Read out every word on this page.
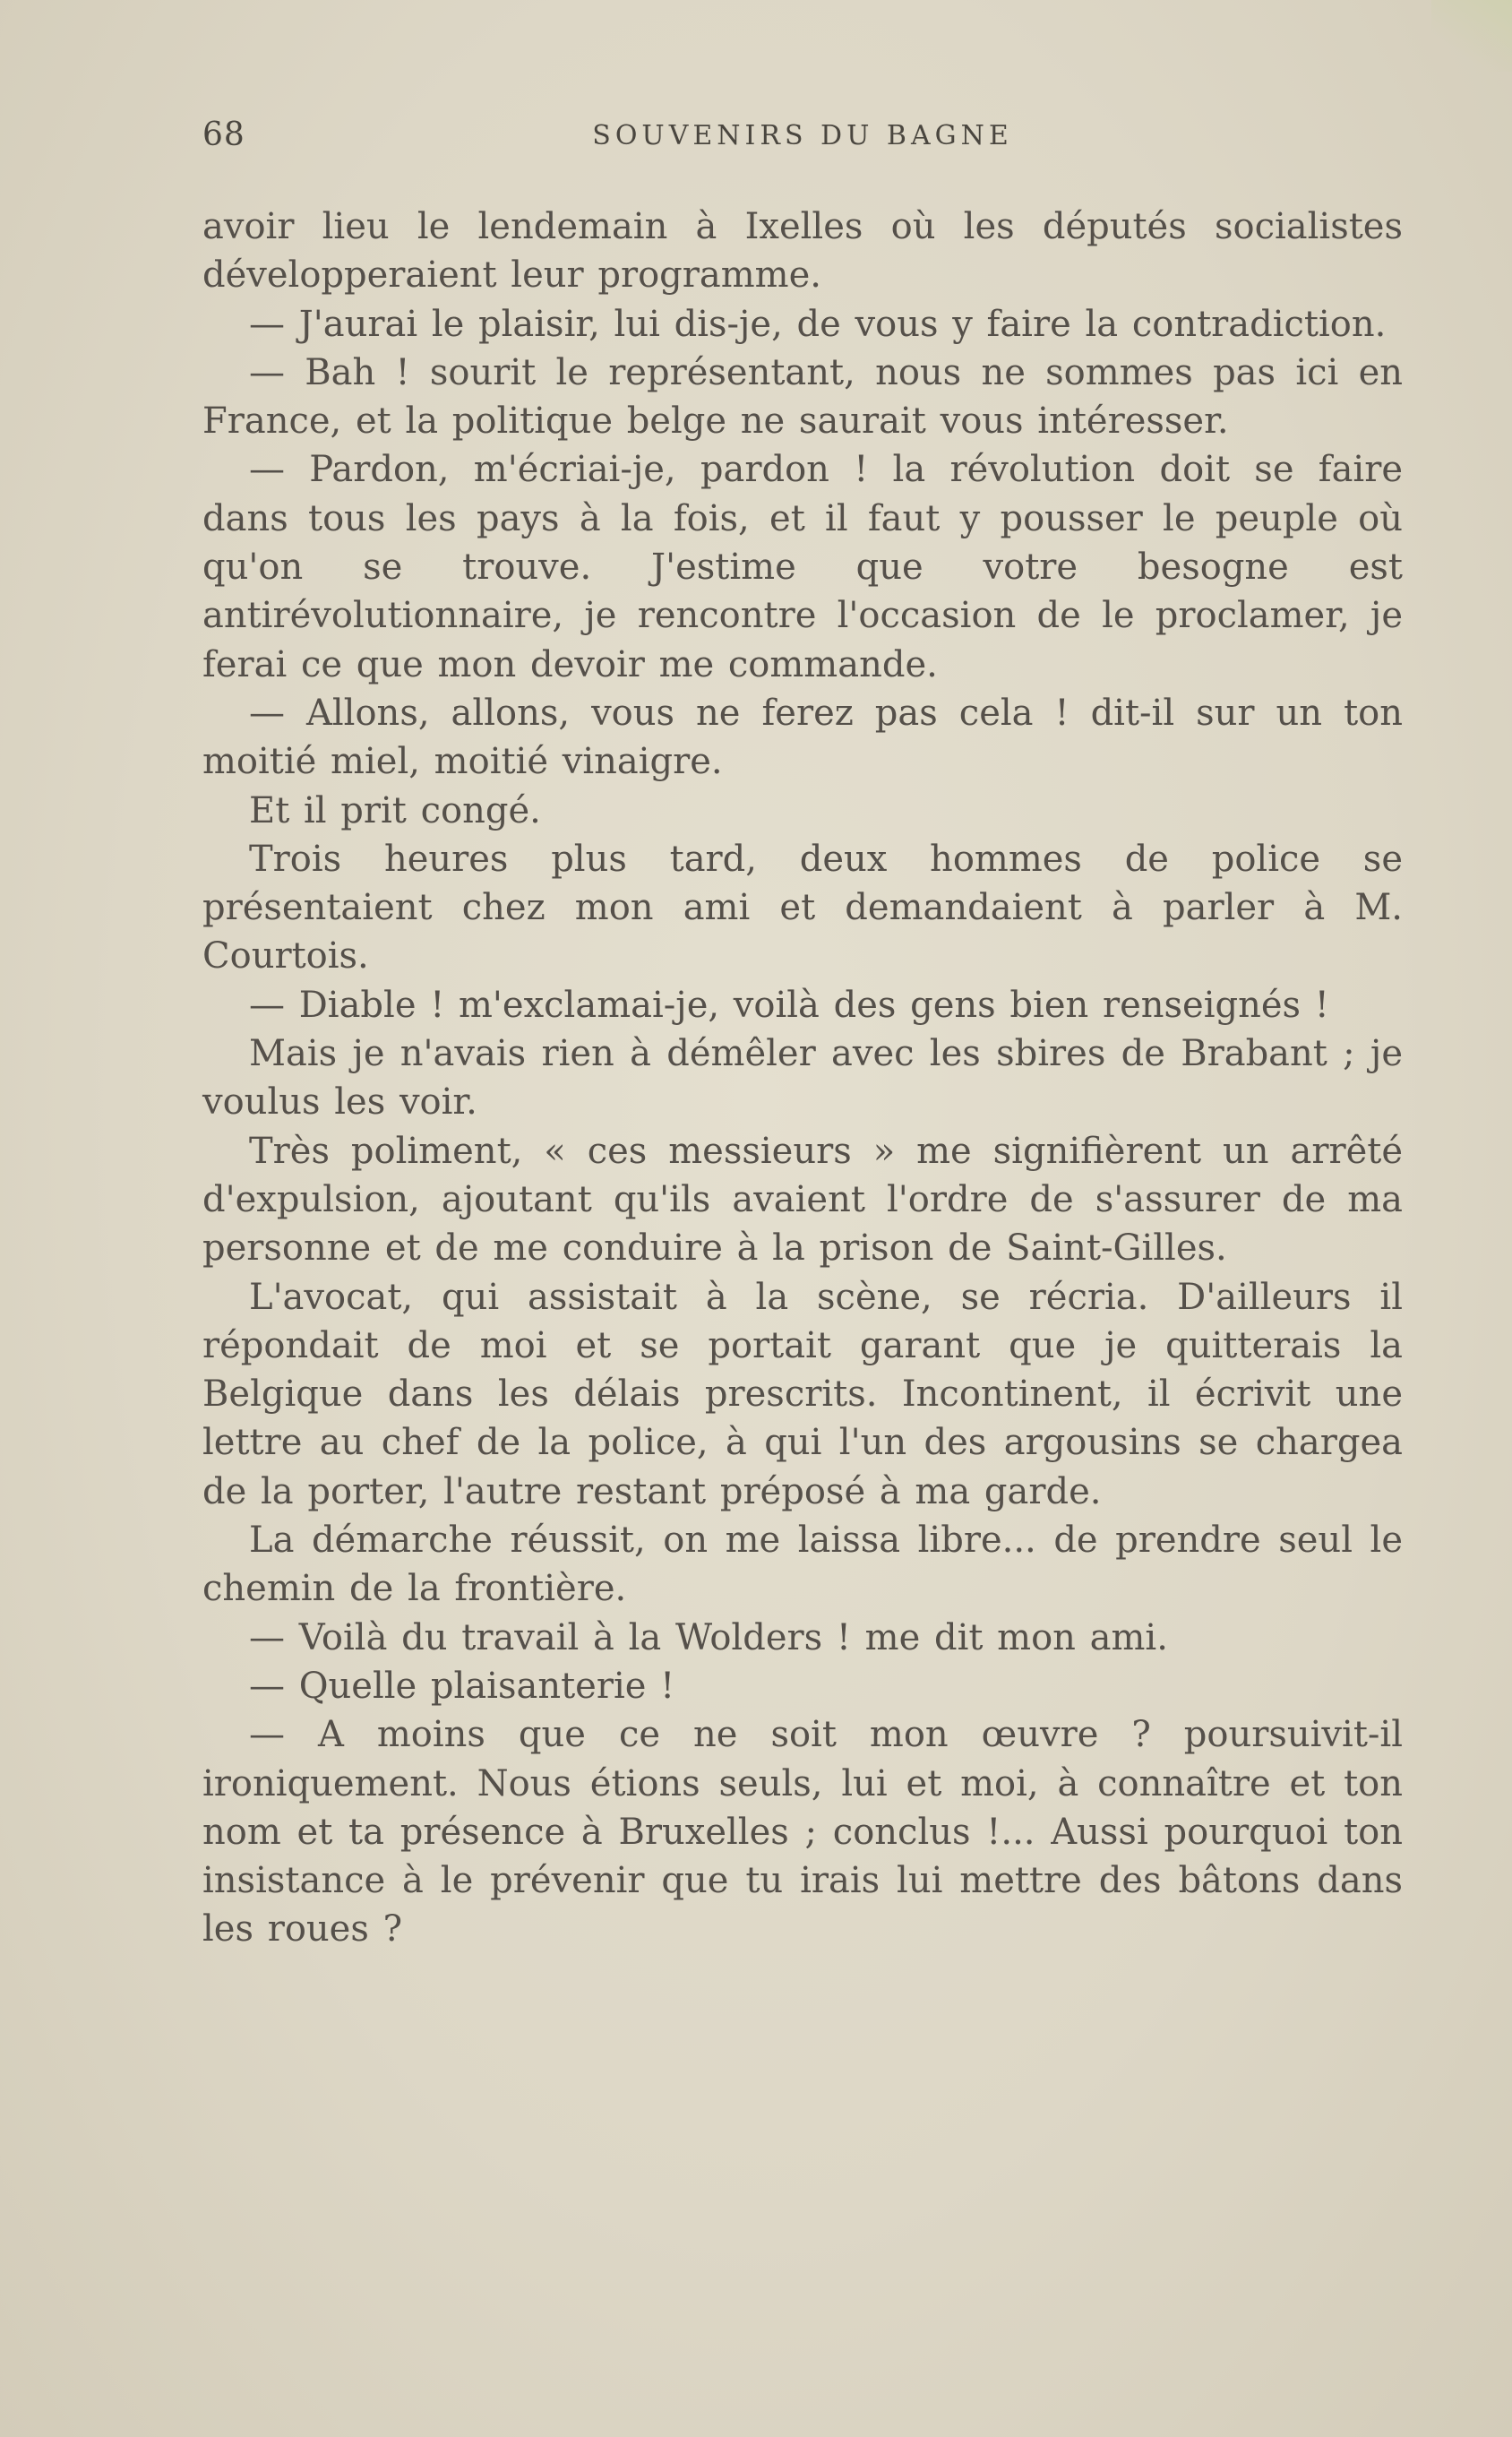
68	SOUVENIRS DU BAGNE

avoir lieu le lendemain à Ixelles où les députés socialistes développeraient leur programme.

— J'aurai le plaisir, lui dis-je, de vous y faire la contradiction.

— Bah ! sourit le représentant, nous ne sommes pas ici en France, et la politique belge ne saurait vous intéresser.

— Pardon, m'écriai-je, pardon ! la révolution doit se faire dans tous les pays à la fois, et il faut y pousser le peuple où qu'on se trouve. J'estime que votre besogne est antirévolutionnaire, je rencontre l'occasion de le proclamer, je ferai ce que mon devoir me commande.

— Allons, allons, vous ne ferez pas cela ! dit-il sur un ton moitié miel, moitié vinaigre.

Et il prit congé.

Trois heures plus tard, deux hommes de police se présentaient chez mon ami et demandaient à parler à M. Courtois.

— Diable ! m'exclamai-je, voilà des gens bien renseignés !

Mais je n'avais rien à démêler avec les sbires de Brabant ; je voulus les voir.

Très poliment, « ces messieurs » me signifièrent un arrêté d'expulsion, ajoutant qu'ils avaient l'ordre de s'assurer de ma personne et de me conduire à la prison de Saint-Gilles.

L'avocat, qui assistait à la scène, se récria. D'ailleurs il répondait de moi et se portait garant que je quitterais la Belgique dans les délais prescrits. Incontinent, il écrivit une lettre au chef de la police, à qui l'un des argousins se chargea de la porter, l'autre restant préposé à ma garde.

La démarche réussit, on me laissa libre... de prendre seul le chemin de la frontière.

— Voilà du travail à la Wolders ! me dit mon ami.

— Quelle plaisanterie !

— A moins que ce ne soit mon œuvre ? poursuivit-il ironiquement. Nous étions seuls, lui et moi, à connaître et ton nom et ta présence à Bruxelles ; conclus !... Aussi pourquoi ton insistance à le prévenir que tu irais lui mettre des bâtons dans les roues ?
